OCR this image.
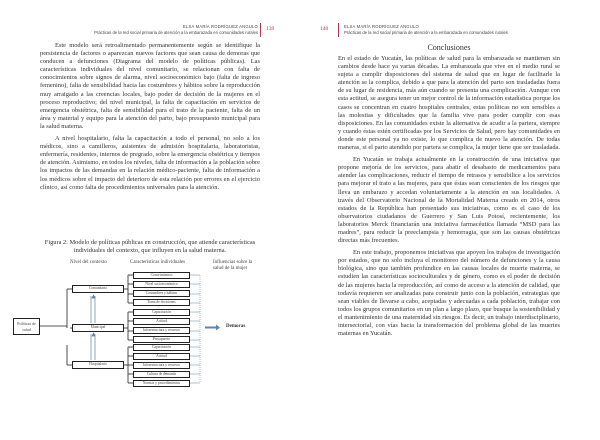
ELSA MARÍA RODRÍGUEZ ANGULO
Prácticas de la red social primaria de atención a la embarazada en comunidades rurales
139

Este modelo será retroalimentado permanentemente según se identifique la persistencia de factores o aparezcan nuevos factores que sean causa de demoras que conducen a defunciones (Diagrama del modelo de políticas públicas). Las características individuales del nivel comunitario, se relacionan con falta de conocimientos sobre signos de alarma, nivel socioeconómico bajo (falta de ingreso femenino), falta de sensibilidad hacia las costumbres y hábitos sobre la reproducción muy arraigado a las creencias locales, bajo poder de decisión de la mujeres en el proceso reproductivo; del nivel municipal, la falta de capacitación en servicios de emergencia obstétrica, falta de sensibilidad para el trato de la paciente, falta de un área y material y equipo para la atención del parto, bajo presupuesto municipal para la salud materna.

A nivel hospitalario, falta la capacitación a todo el personal, no solo a los médicos, sino a camilleros, asistentes de admisión hospitalaria, laboratoristas, enfermería, residentes, internos de pregrado, sobre la emergencia obstétrica y tiempos de atención. Asimismo, en todos los niveles, falta de información a la población sobre los impactos de las demandas en la relación médico-paciente, falta de información a los médicos sobre el impacto del deterioro de esta relación por errores en el ejercicio clínico, así como falta de procedimientos universales para la atención.

Figura 2. Modelo de políticas públicas en construcción, que atiende características individuales del contexto, que influyen en la salud materna.
Nivel del contexto	Características individuales	Influencias sobre la salud de la mujer
Políticas de salud
Comunitario
Municipal
Hospitalario
Conocimientos
Nivel socioeconómico
Costumbres y hábitos
Toma de decisiones
Capacitación
Actitud
Infraestructura y recursos
Presupuesto
Capacitación
Actitud
Infraestructura y recursos
Cultura de demanda
Normas y procedimientos
Demoras
140	ELSA MARÍA RODRÍGUEZ ANGULO
Prácticas de la red social primaria de atención a la embarazada en comunidades rurales
Conclusiones

En el estado de Yucatán, las políticas de salud para la embarazada se mantienen sin cambios desde hace ya varias décadas. La embarazada que vive en el medio rural se sujeta a cumplir disposiciones del sistema de salud que en lugar de facilitarle la atención se la complica, debido a que para la atención del parto son trasladadas fuera de su lugar de residencia, más aún cuando se presenta una complicación. Aunque con esta actitud, se asegura tener un mejor control de la información estadística porque los casos se concentran en cuatro hospitales centrales, estas políticas no son sensibles a las molestias y dificultades que la familia vive para poder cumplir con esas disposiciones. En las comunidades existe la alternativa de acudir a la partera, siempre y cuando éstas estén certificadas por los Servicios de Salud, pero hay comunidades en donde este personal ya no existe, lo que complica de nuevo la atención. De todas maneras, si el parto atendido por partera se complica, la mujer tiene que ser trasladada.

En Yucatán se trabaja actualmente en la construcción de una iniciativa que propone mejoría de los servicios, para abatir el desabasto de medicamentos para atender las complicaciones, reducir el tiempo de retrasos y sensibilice a los servicios para mejorar el trato a las mujeres, para que éstas sean conscientes de los riesgos que lleva un embarazo y accedan voluntariamente a la atención en sus localidades. A través del Observatorio Nacional de la Mortalidad Materna creado en 2014, otros estados de la República han presentado sus iniciativas, como es el caso de los observatorios ciudadanos de Guerrero y San Luis Potosí, recientemente, los laboratorios Merck financiarán una iniciativa farmacéutica llamada “MSD para las madres”, para reducir la preeclampsia y hemorragia, que son las causas obstétricas directas más frecuentes.

En este trabajo, proponemos iniciativas que apoyen los trabajos de investigación por estados, que no solo incluya el monitoreo del número de defunciones y la causa biológica, sino que también profundice en las causas locales de muerte materna, se estudien las características socioculturales y de género, como es el poder de decisión de las mujeres hacia la reproducción, así como de acceso a la atención de calidad, que todavía requieren ser analizadas para construir junto con la población, estrategias que sean viables de llevarse a cabo, aceptadas y adecuadas a cada población, trabajar con todos los grupos comunitarios en un plan a largo plazo, que busque la sostenibilidad y el mantenimiento de una maternidad sin riesgos. Es decir, un trabajo interdisciplinario, intersectorial, con vías hacia la transformación del problema global de las muertes maternas en Yucatán.
